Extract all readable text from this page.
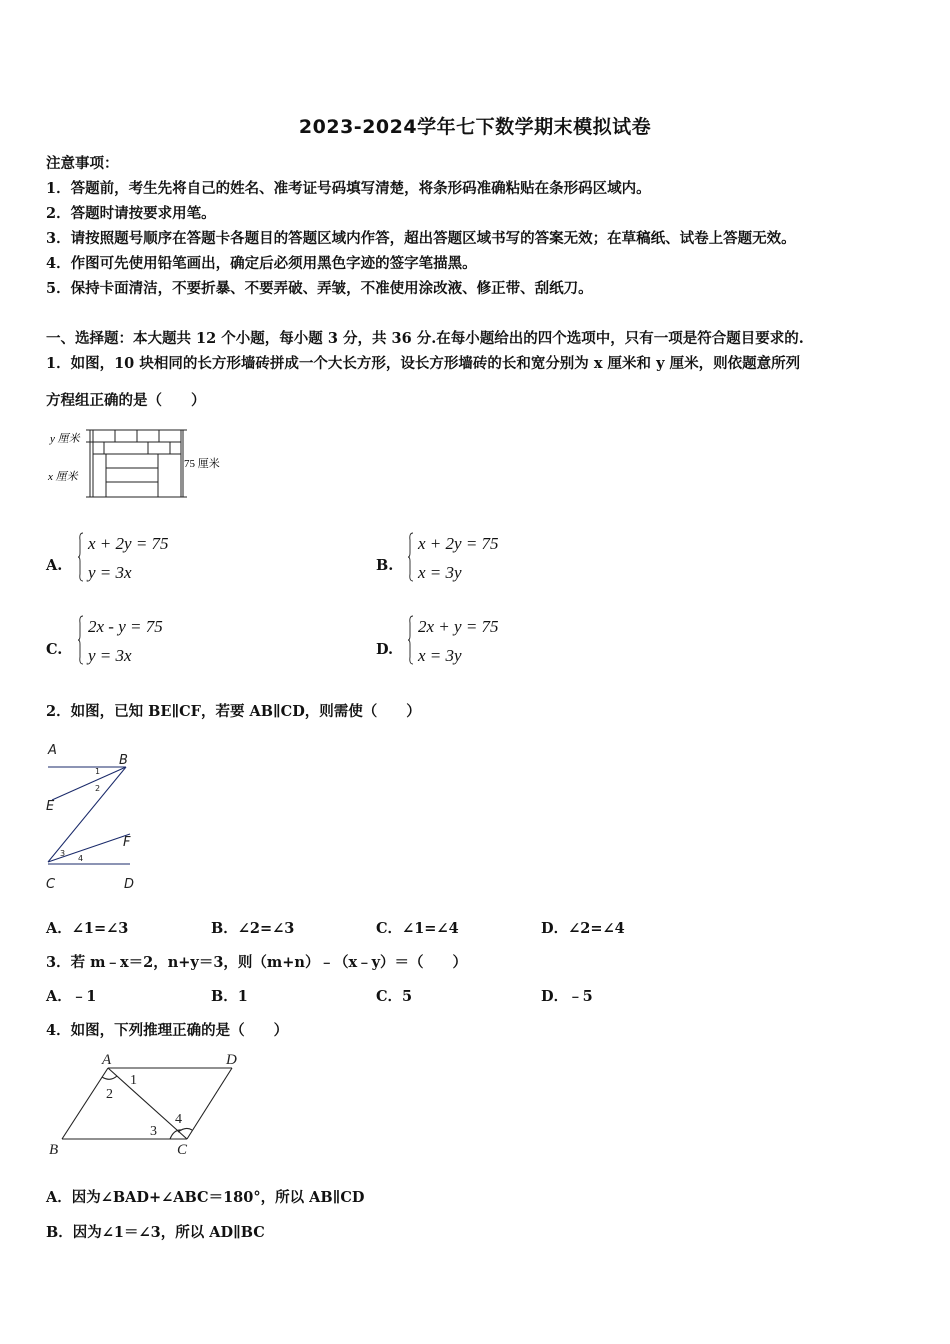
2023-2024学年七下数学期末模拟试卷
注意事项：
1．答题前，考生先将自己的姓名、准考证号码填写清楚，将条形码准确粘贴在条形码区域内。
2．答题时请按要求用笔。
3．请按照题号顺序在答题卡各题目的答题区域内作答，超出答题区域书写的答案无效；在草稿纸、试卷上答题无效。
4．作图可先使用铅笔画出，确定后必须用黑色字迹的签字笔描黑。
5．保持卡面清洁，不要折暴、不要弄破、弄皱，不准使用涂改液、修正带、刮纸刀。
一、选择题：本大题共 12 个小题，每小题 3 分，共 36 分.在每小题给出的四个选项中，只有一项是符合题目要求的.
1．如图，10 块相同的长方形墙砖拼成一个大长方形，设长方形墙砖的长和宽分别为 x 厘米和 y 厘米，则依题意所列
方程组正确的是（　　）
y 厘米
x 厘米
75 厘米
A.
x + 2y = 75
y = 3x	B.
x + 2y = 75
x = 3y
C.
2x - y = 75
y = 3x	D.
2x + y = 75
x = 3y
2．如图，已知 BE∥CF，若要 AB∥CD，则需使（　　）
A
B
E
F
C	D
1
2
3
4
A．∠1=∠3	B．∠2=∠3	C．∠1=∠4	D．∠2=∠4
3．若 m﹣x＝2，n+y＝3，则（m+n）﹣（x﹣y）＝（　　）
A．﹣1	B．1	C．5	D．﹣5
4．如图，下列推理正确的是（　　）
A	D
B	C
1
2
3
4
A．因为∠BAD+∠ABC＝180°，所以 AB∥CD
B．因为∠1＝∠3，所以 AD∥BC
